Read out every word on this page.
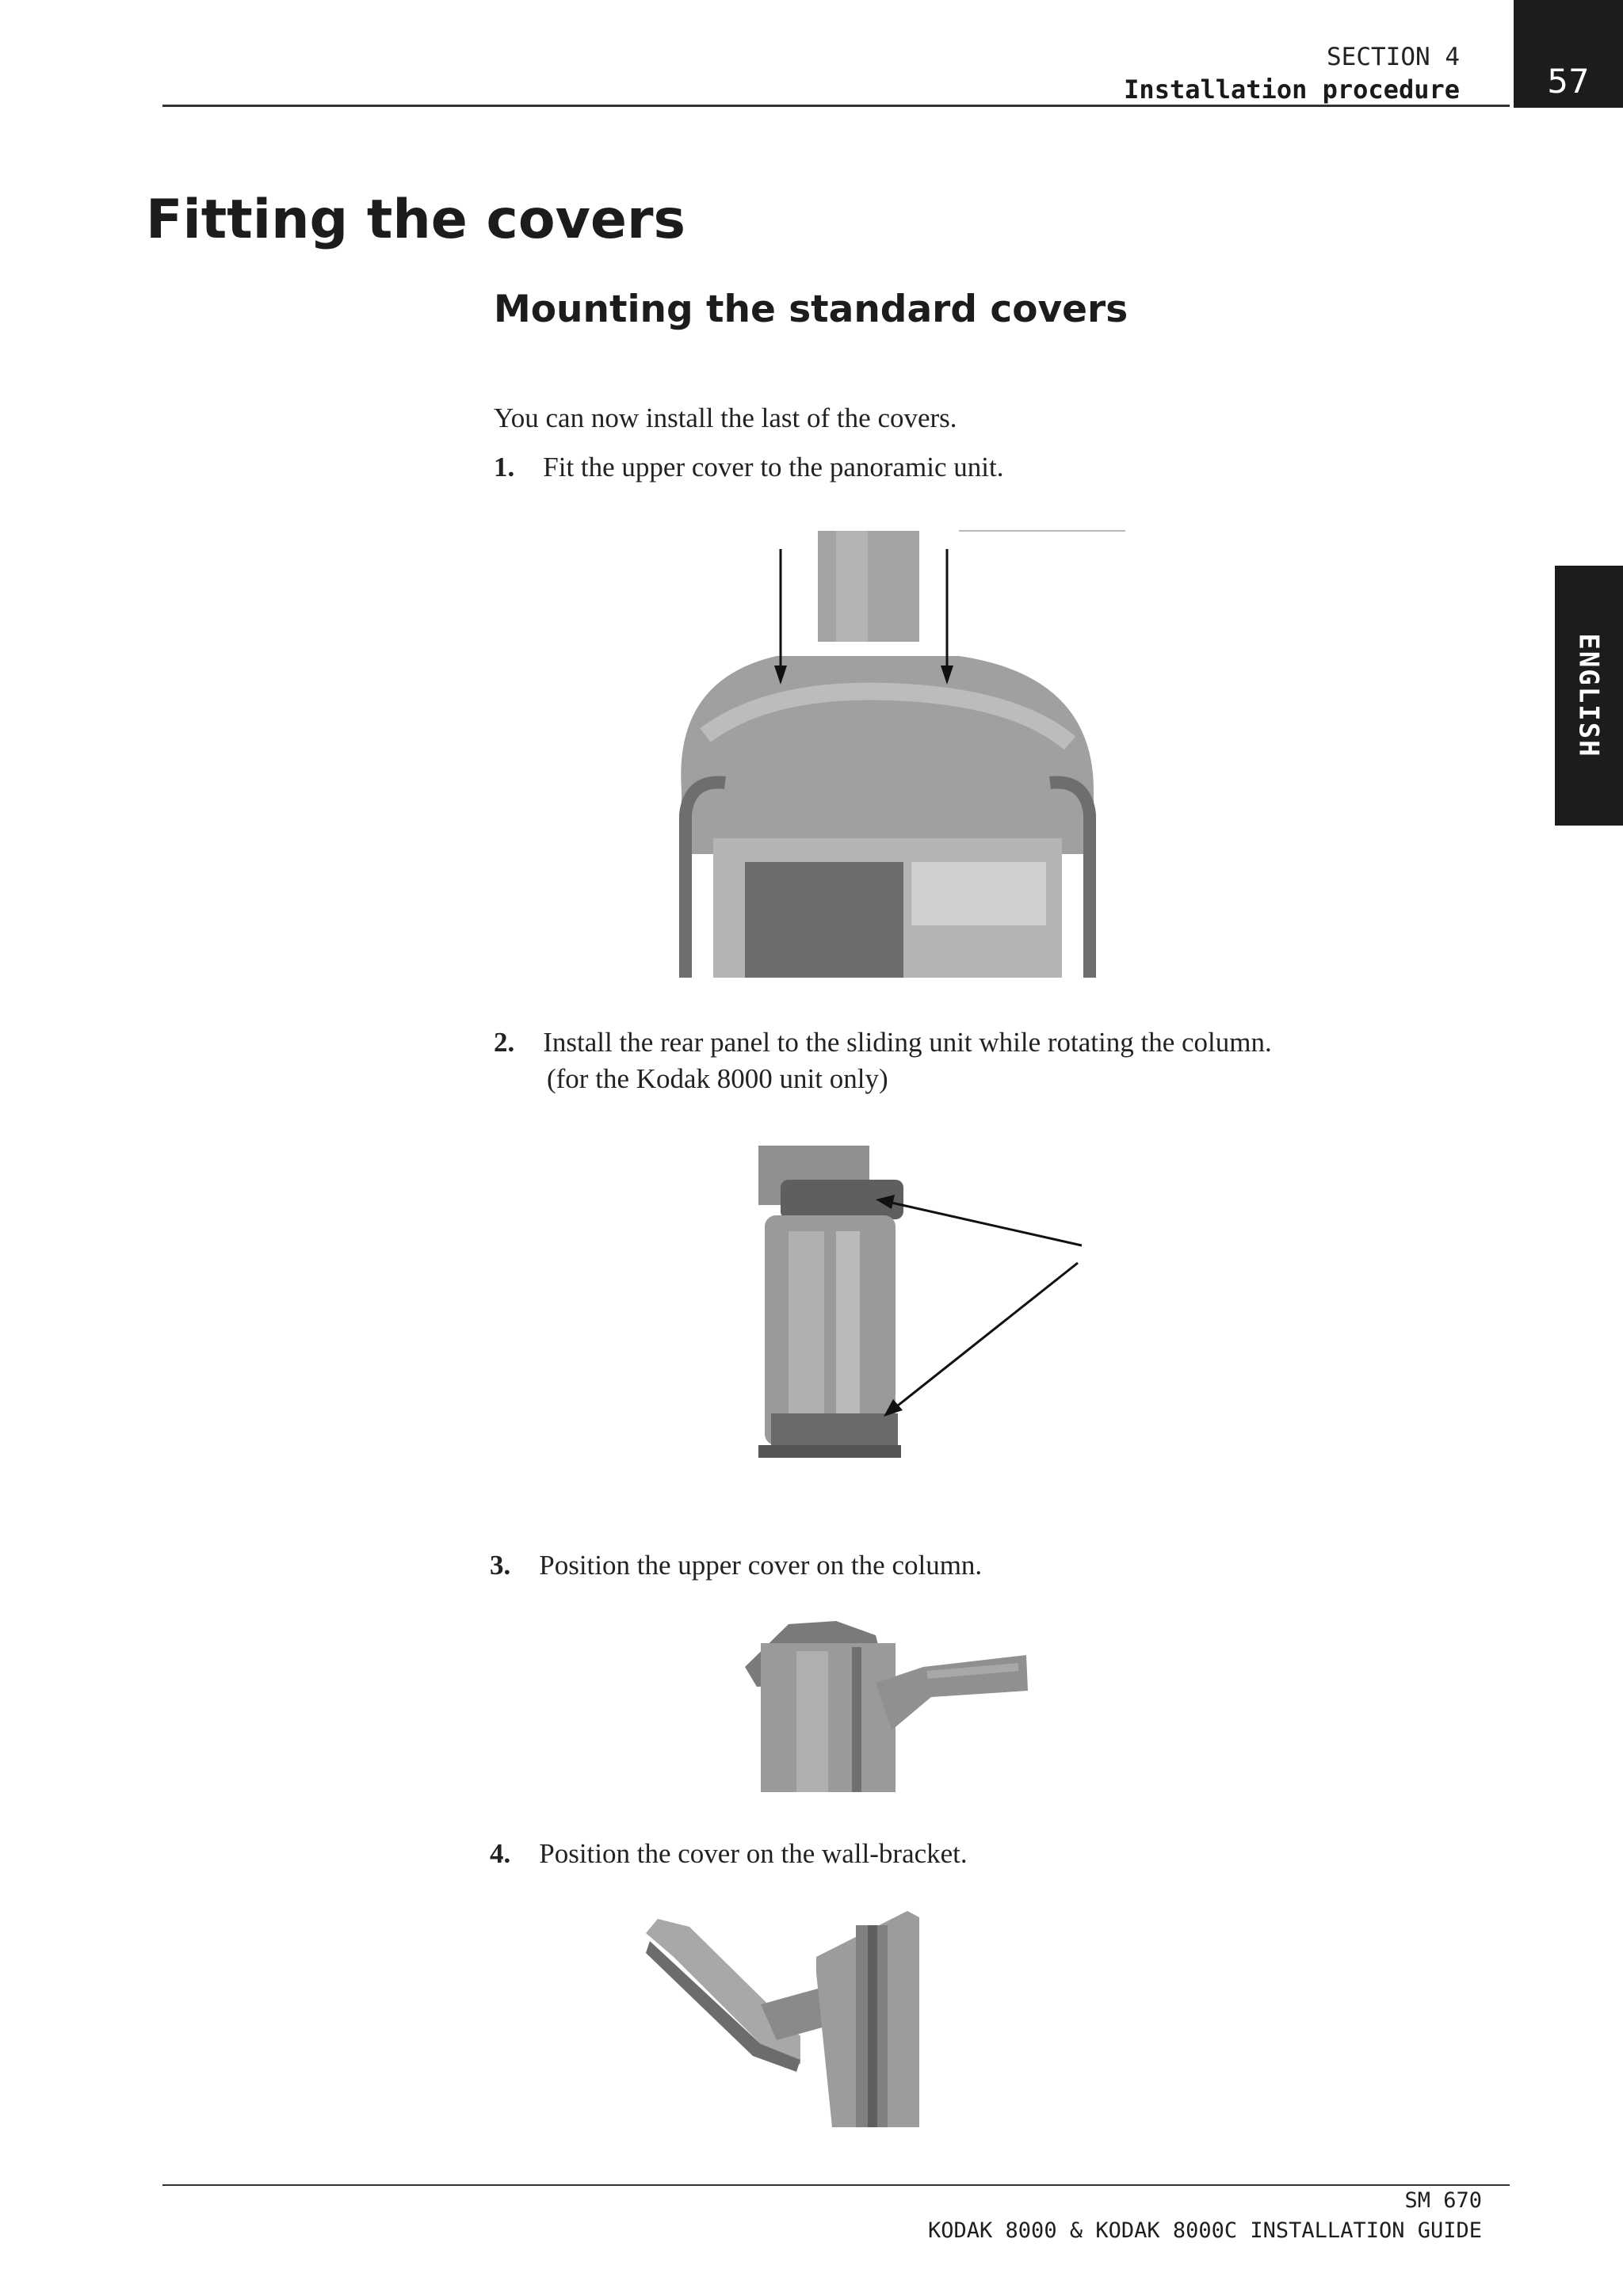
SECTION 4
Installation procedure	57
ENGLISH
Fitting the covers
Mounting the standard covers
You can now install the last of the covers.
1. Fit the upper cover to the panoramic unit.
2. Install the rear panel to the sliding unit while rotating the column.
(for the Kodak 8000 unit only)
3. Position the upper cover on the column.
4. Position the cover on the wall-bracket.
SM 670
KODAK 8000 & KODAK 8000C INSTALLATION GUIDE
